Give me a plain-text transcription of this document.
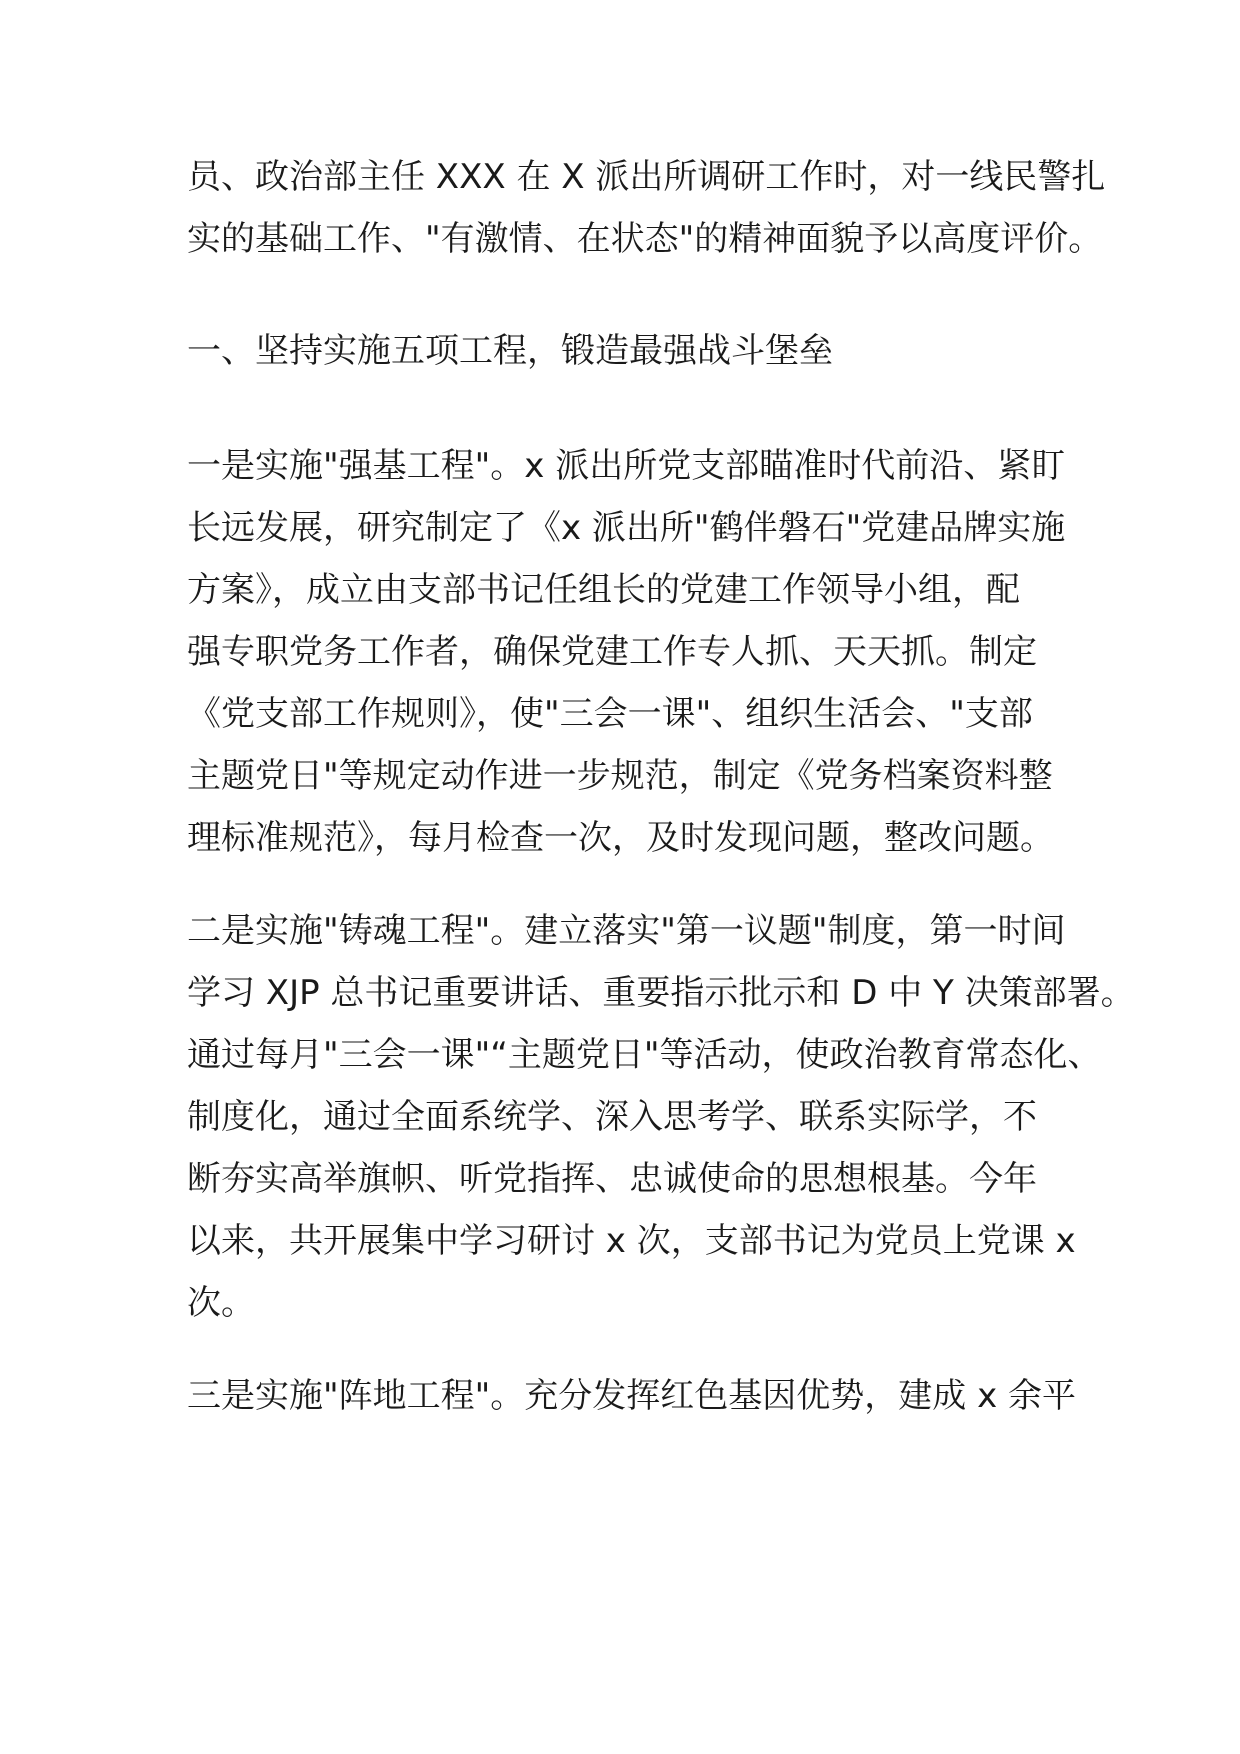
员、政治部主任 XXX 在 X 派出所调研工作时，对一线民警扎
实的基础工作、"有激情、在状态"的精神面貌予以高度评价。
一、坚持实施五项工程，锻造最强战斗堡垒
一是实施"强基工程"。x 派出所党支部瞄准时代前沿、紧盯
长远发展，研究制定了《x 派出所"鹤伴磐石"党建品牌实施
方案》，成立由支部书记任组长的党建工作领导小组，配
强专职党务工作者，确保党建工作专人抓、天天抓。制定
《党支部工作规则》，使"三会一课"、组织生活会、"支部
主题党日"等规定动作进一步规范，制定《党务档案资料整
理标准规范》，每月检查一次，及时发现问题，整改问题。
二是实施"铸魂工程"。建立落实"第一议题"制度，第一时间
学习 XJP 总书记重要讲话、重要指示批示和 D 中 Y 决策部署。
通过每月"三会一课"“主题党日"等活动，使政治教育常态化、
制度化，通过全面系统学、深入思考学、联系实际学，不
断夯实高举旗帜、听党指挥、忠诚使命的思想根基。今年
以来，共开展集中学习研讨 x 次，支部书记为党员上党课 x
次。
三是实施"阵地工程"。充分发挥红色基因优势，建成 x 余平
